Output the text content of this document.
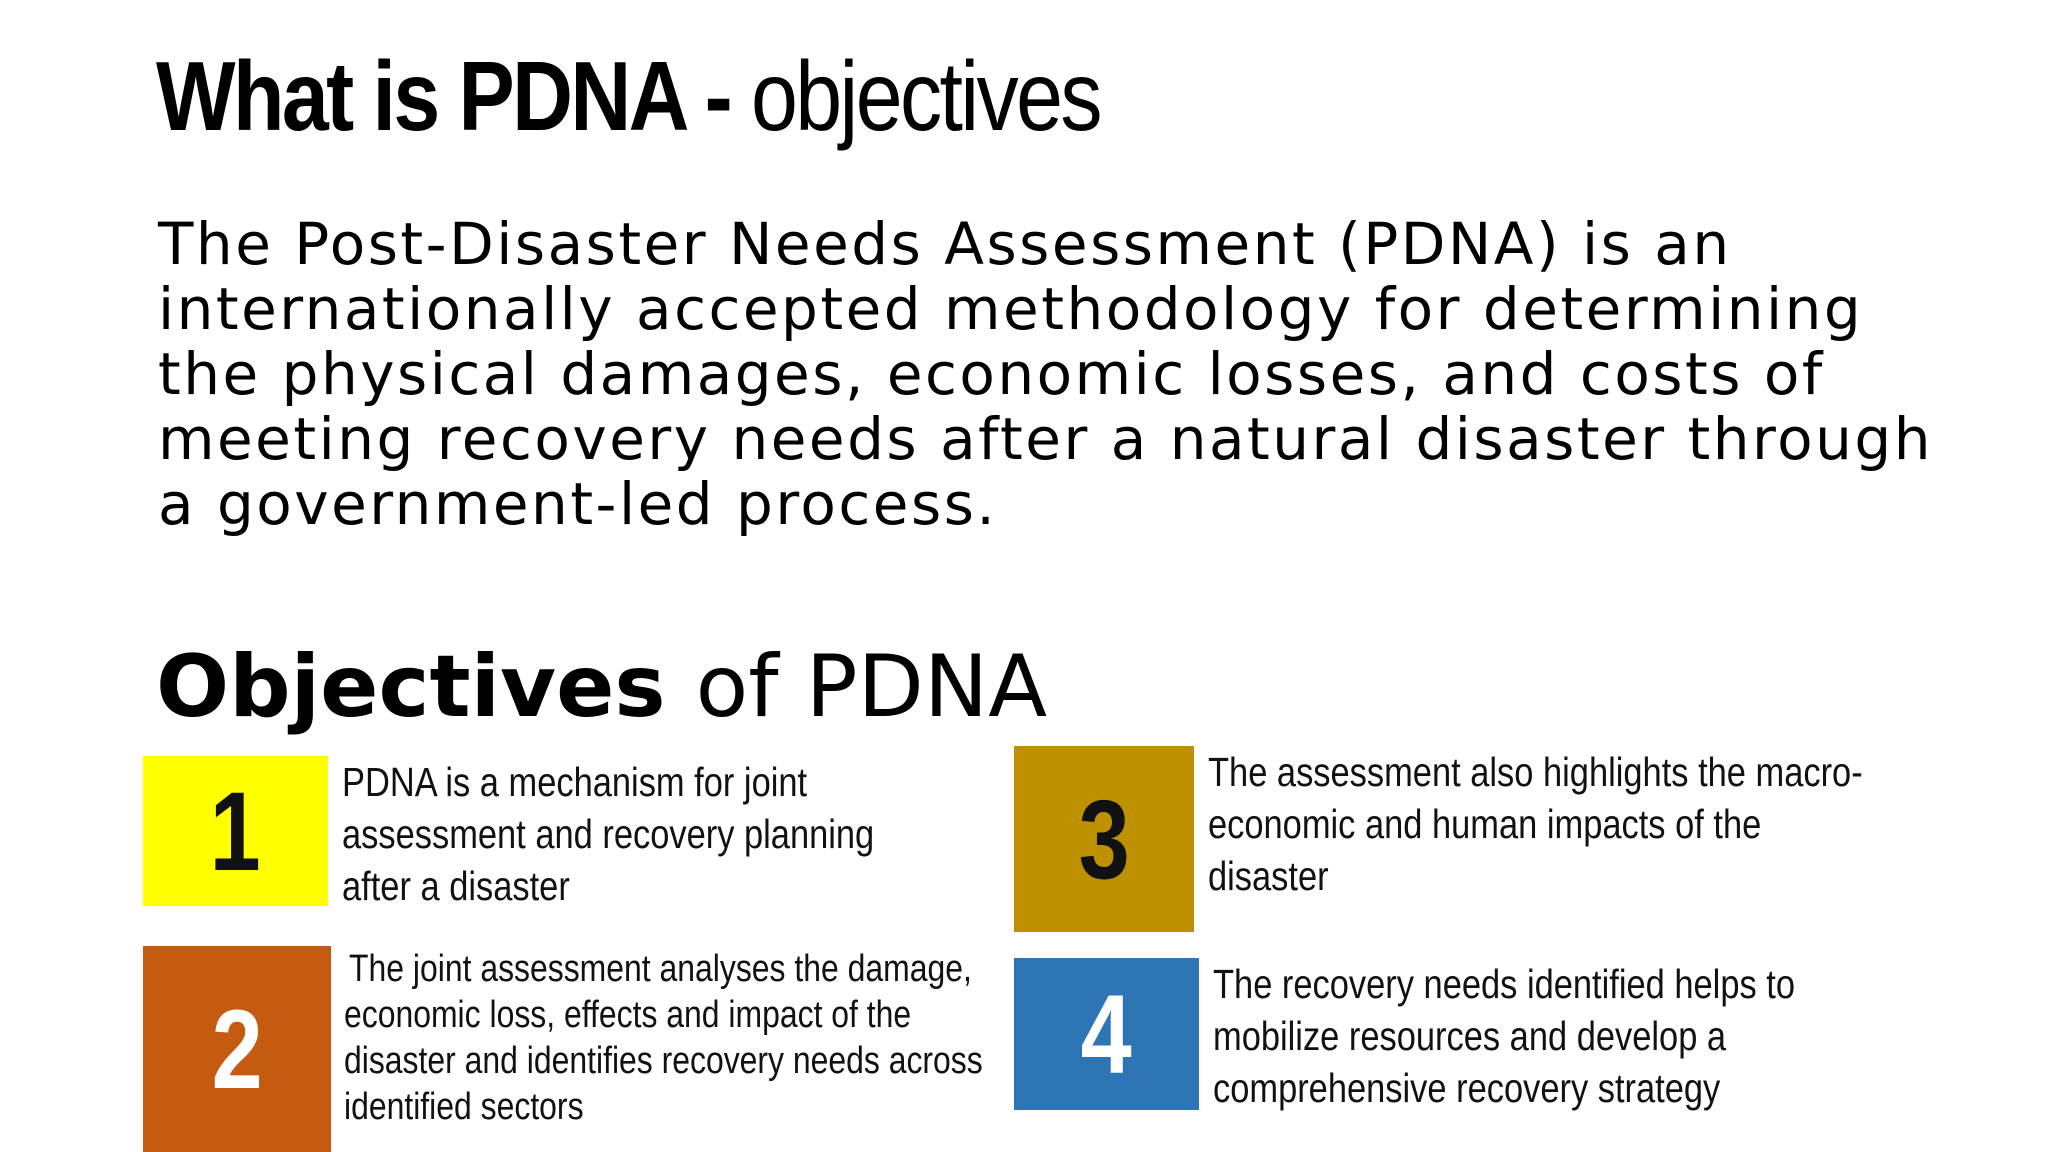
What is PDNA - objectives

The Post-Disaster Needs Assessment (PDNA) is an internationally accepted methodology for determining the physical damages, economic losses, and costs of meeting recovery needs after a natural disaster through a government-led process.

Objectives of PDNA
1 PDNA is a mechanism for joint
assessment and recovery planning
after a disaster
2
The joint assessment analyses the damage,
economic loss, effects and impact of the
disaster and identifies recovery needs across
identified sectors
3
The assessment also highlights the macro-
economic and human impacts of the
disaster
4 The recovery needs identified helps to
mobilize resources and develop a
comprehensive recovery strategy
